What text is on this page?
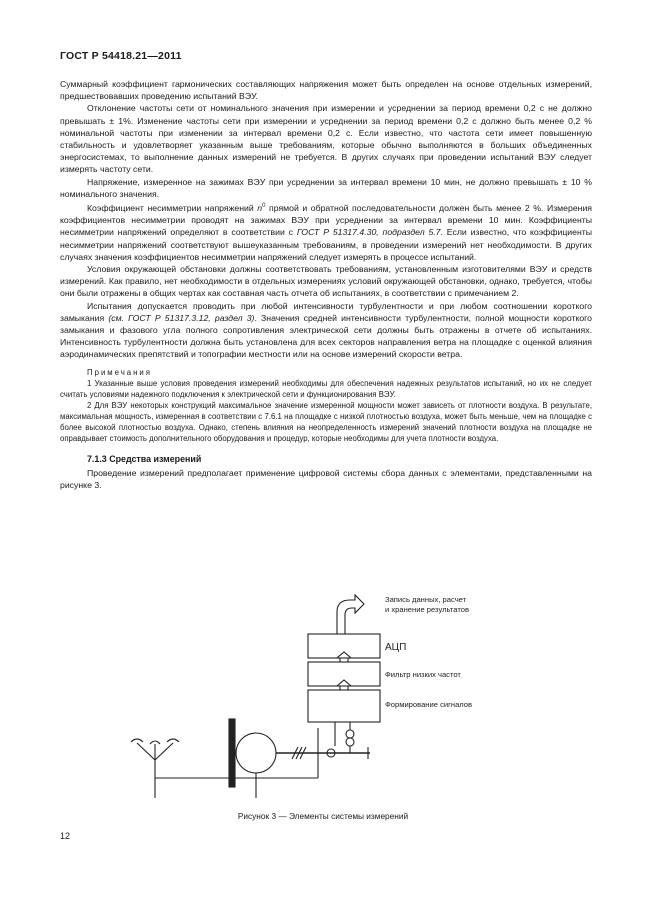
ГОСТ Р 54418.21—2011

Суммарный коэффициент гармонических составляющих напряжения может быть определен на основе отдельных измерений, предшествовавших проведению испытаний ВЭУ.

Отклонение частоты сети от номинального значения при измерении и усреднении за период времени 0,2 с не должно превышать ± 1%. Изменение частоты сети при измерении и усреднении за период времени 0,2 с должно быть менее 0,2 % номинальной частоты при изменении за интервал времени 0,2 с. Если известно, что частота сети имеет повышенную стабильность и удовлетворяет указанным выше требованиям, которые обычно выполняются в больших объединенных энергосистемах, то выполнение данных измерений не требуется. В других случаях при проведении испытаний ВЭУ следует измерять частоту сети.

Напряжение, измеренное на зажимах ВЭУ при усреднении за интервал времени 10 мин, не должно превышать ± 10 % номинального значения.

Коэффициент несимметрии напряжений $n^0$ прямой и обратной последовательности должен быть менее 2 %. Измерения коэффициентов несимметрии проводят на зажимах ВЭУ при усреднении за интервал времени 10 мин. Коэффициенты несимметрии напряжений определяют в соответствии с ГОСТ Р 51317.4.30, подраздел 5.7. Если известно, что коэффициенты несимметрии напряжений соответствуют вышеуказанным требованиям, в проведении измерений нет необходимости. В других случаях значения коэффициентов несимметрии напряжений следует измерять в процессе испытаний.

Условия окружающей обстановки должны соответствовать требованиям, установленным изготовителями ВЭУ и средств измерений. Как правило, нет необходимости в отдельных измерениях условий окружающей обстановки, однако, требуется, чтобы они были отражены в общих чертах как составная часть отчета об испытаниях, в соответствии с примечанием 2.

Испытания допускается проводить при любой интенсивности турбулентности и при любом соотношении короткого замыкания (см. ГОСТ Р 51317.3.12, раздел 3). Значения средней интенсивности турбулентности, полной мощности короткого замыкания и фазового угла полного сопротивления электрической сети должны быть отражены в отчете об испытаниях. Интенсивность турбулентности должна быть установлена для всех секторов направления ветра на площадке с оценкой влияния аэродинамических препятствий и топографии местности или на основе измерений скорости ветра.

Примечания

1 Указанные выше условия проведения измерений необходимы для обеспечения надежных результатов испытаний, но их не следует считать условиями надежного подключения к электрической сети и функционирования ВЭУ.

2 Для ВЭУ некоторых конструкций максимальное значение измеренной мощности может зависеть от плотности воздуха. В результате, максимальная мощность, измеренная в соответствии с 7.6.1 на площадке с низкой плотностью воздуха, может быть меньше, чем на площадке с более высокой плотностью воздуха. Однако, степень влияния на неопределенность измерений значений плотности воздуха на площадке не оправдывает стоимость дополнительного оборудования и процедур, которые необходимы для учета плотности воздуха.

7.1.3 Средства измерений

Проведение измерений предполагает применение цифровой системы сбора данных с элементами, представленными на рисунке 3.

Запись данных, расчет
и хранение результатов
АЦП
Фильтр низких частот
Формирование сигналов
Рисунок 3 — Элементы системы измерений
12
